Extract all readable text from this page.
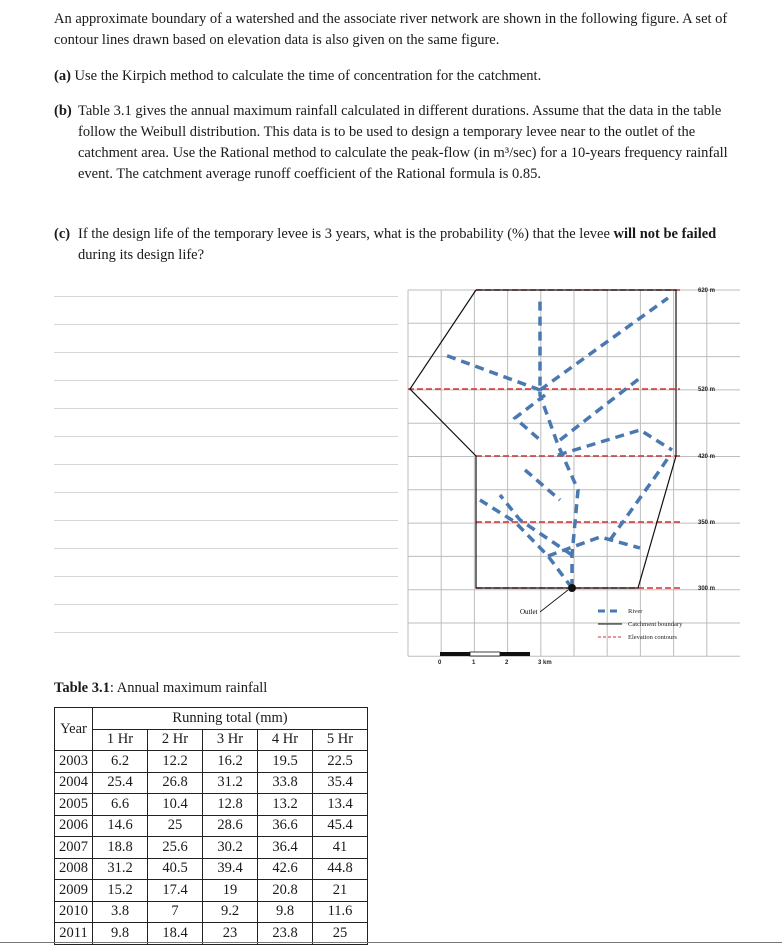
An approximate boundary of a watershed and the associate river network are shown in the following figure. A set of contour lines drawn based on elevation data is also given on the same figure.
(a) Use the Kirpich method to calculate the time of concentration for the catchment.
(b) Table 3.1 gives the annual maximum rainfall calculated in different durations. Assume that the data in the table follow the Weibull distribution. This data is to be used to design a temporary levee near to the outlet of the catchment area. Use the Rational method to calculate the peak-flow (in m³/sec) for a 10-years frequency rainfall event. The catchment average runoff coefficient of the Rational formula is 0.85.
(c) If the design life of the temporary levee is 3 years, what is the probability (%) that the levee will not be failed during its design life?
Outlet
620 m
520 m
420 m
350 m
300 m
River
Catchment boundary
Elevation contours
0	1	2	3 km
Table 3.1: Annual maximum rainfall
Year	Running total (mm)				
	1 Hr	2 Hr	3 Hr	4 Hr	5 Hr
2003	6.2	12.2	16.2	19.5	22.5
2004	25.4	26.8	31.2	33.8	35.4
2005	6.6	10.4	12.8	13.2	13.4
2006	14.6	25	28.6	36.6	45.4
2007	18.8	25.6	30.2	36.4	41
2008	31.2	40.5	39.4	42.6	44.8
2009	15.2	17.4	19	20.8	21
2010	3.8	7	9.2	9.8	11.6
2011	9.8	18.4	23	23.8	25
